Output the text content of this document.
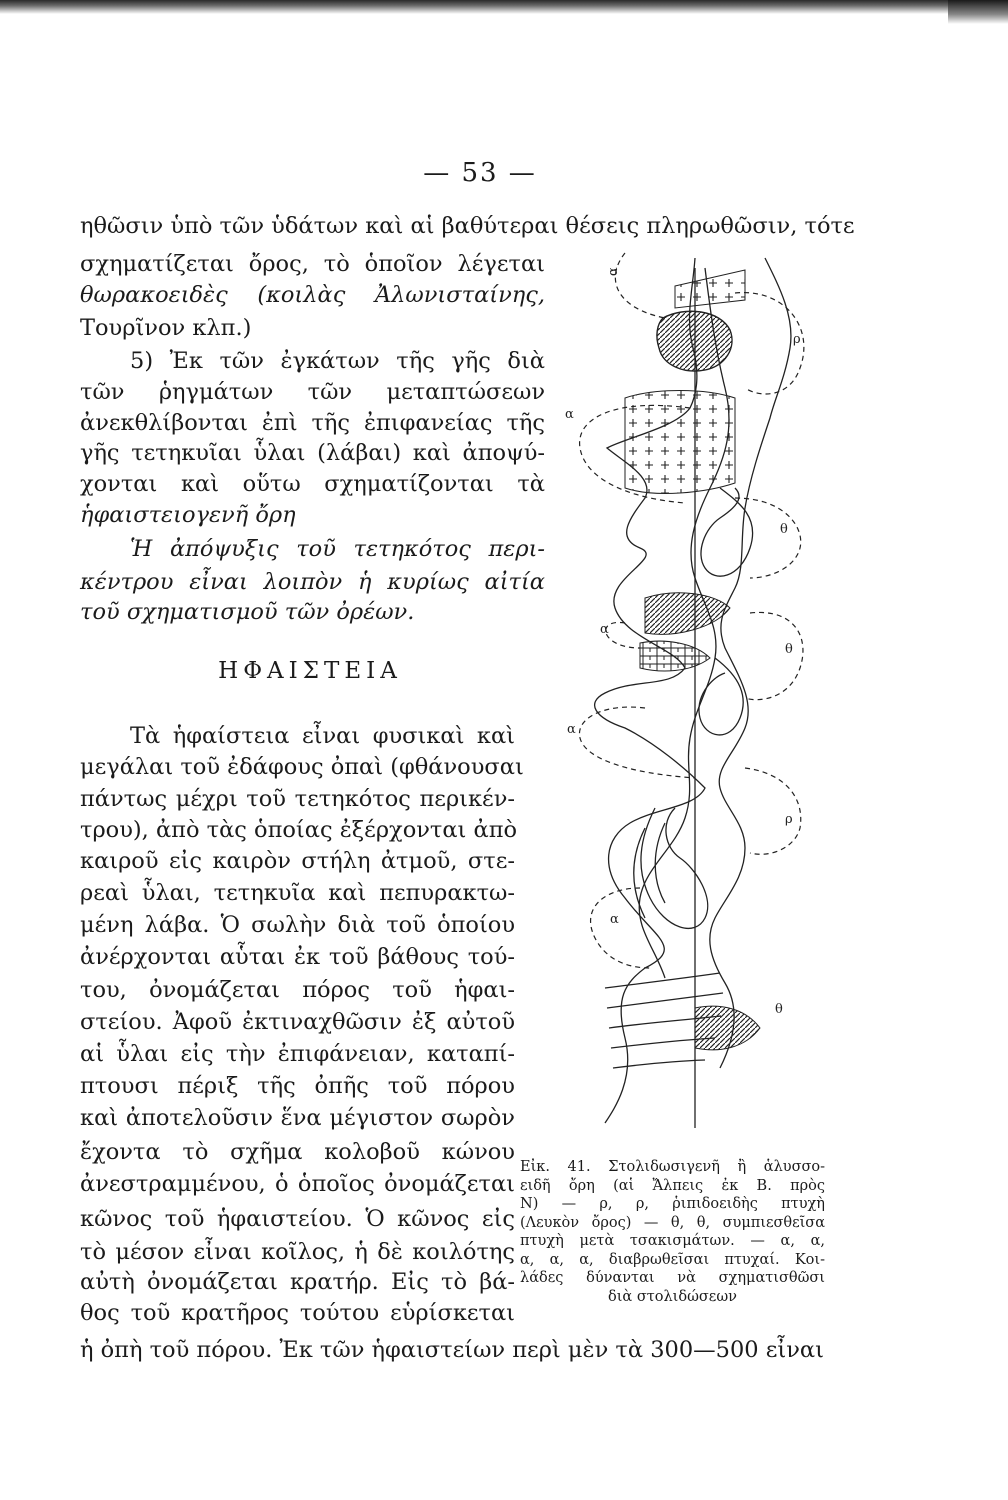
— 53 —
ηθῶσιν ὑπὸ τῶν ὑδάτων καὶ αἱ βαθύτεραι θέσεις πληρωθῶσιν, τότε
σχηματίζεται ὄρος, τὸ ὁποῖον λέγεται
θωρακοειδὲς (κοιλὰς Ἀλωνισταίνης,
Τουρῖνον κλπ.)
5) Ἐκ τῶν ἐγκάτων τῆς γῆς διὰ
τῶν ῥηγμάτων τῶν μεταπτώσεων
ἀνεκθλίβονται ἐπὶ τῆς ἐπιφανείας τῆς
γῆς τετηκυῖαι ὗλαι (λάβαι) καὶ ἀποψύ-
χονται καὶ οὕτω σχηματίζονται τὰ
ἡφαιστειογενῆ ὄρη
Ἡ ἀπόψυξις τοῦ τετηκότος περι-
κέντρου εἶναι λοιπὸν ἡ κυρίως αἰτία
τοῦ σχηματισμοῦ τῶν ὀρέων.
ΗΦΑΙΣΤΕΙΑ
Τὰ ἡφαίστεια εἶναι φυσικαὶ καὶ
μεγάλαι τοῦ ἐδάφους ὀπαὶ (φθάνουσαι
πάντως μέχρι τοῦ τετηκότος περικέν-
τρου), ἀπὸ τὰς ὁποίας ἐξέρχονται ἀπὸ
καιροῦ εἰς καιρὸν στήλη ἀτμοῦ, στε-
ρεαὶ ὗλαι, τετηκυῖα καὶ πεπυρακτω-
μένη λάβα. Ὁ σωλὴν διὰ τοῦ ὁποίου
ἀνέρχονται αὗται ἐκ τοῦ βάθους τού-
του, ὀνομάζεται πόρος τοῦ ἡφαι-
στείου. Ἀφοῦ ἐκτιναχθῶσιν ἐξ αὐτοῦ
αἱ ὗλαι εἰς τὴν ἐπιφάνειαν, καταπί-
πτουσι πέριξ τῆς ὀπῆς τοῦ πόρου
καὶ ἀποτελοῦσιν ἕνα μέγιστον σωρὸν
ἔχοντα τὸ σχῆμα κολοβοῦ κώνου
ἀνεστραμμένου, ὁ ὁποῖος ὀνομάζεται
κῶνος τοῦ ἡφαιστείου. Ὁ κῶνος εἰς
τὸ μέσον εἶναι κοῖλος, ἡ δὲ κοιλότης
αὐτὴ ὀνομάζεται κρατήρ. Εἰς τὸ βά-
θος τοῦ κρατῆρος τούτου εὑρίσκεται
ἡ ὀπὴ τοῦ πόρου. Ἐκ τῶν ἡφαιστείων περὶ μὲν τὰ 300—500 εἶναι
α
ρ
α
θ
α
θ
α
ρ
α
θ
Εἰκ. 41. Στολιδωσιγενῆ ἢ ἁλυσσο-
ειδῆ ὄρη (αἱ Ἄλπεις ἐκ Β. πρὸς
Ν) — ρ, ρ, ῥιπιδοειδὴς πτυχὴ
(Λευκὸν ὄρος) — θ, θ, συμπιεσθεῖσα
πτυχὴ μετὰ τσακισμάτων. — α, α,
α, α, α, διαβρωθεῖσαι πτυχαί. Κοι-
λάδες δύνανται νὰ σχηματισθῶσι
διὰ στολιδώσεων
